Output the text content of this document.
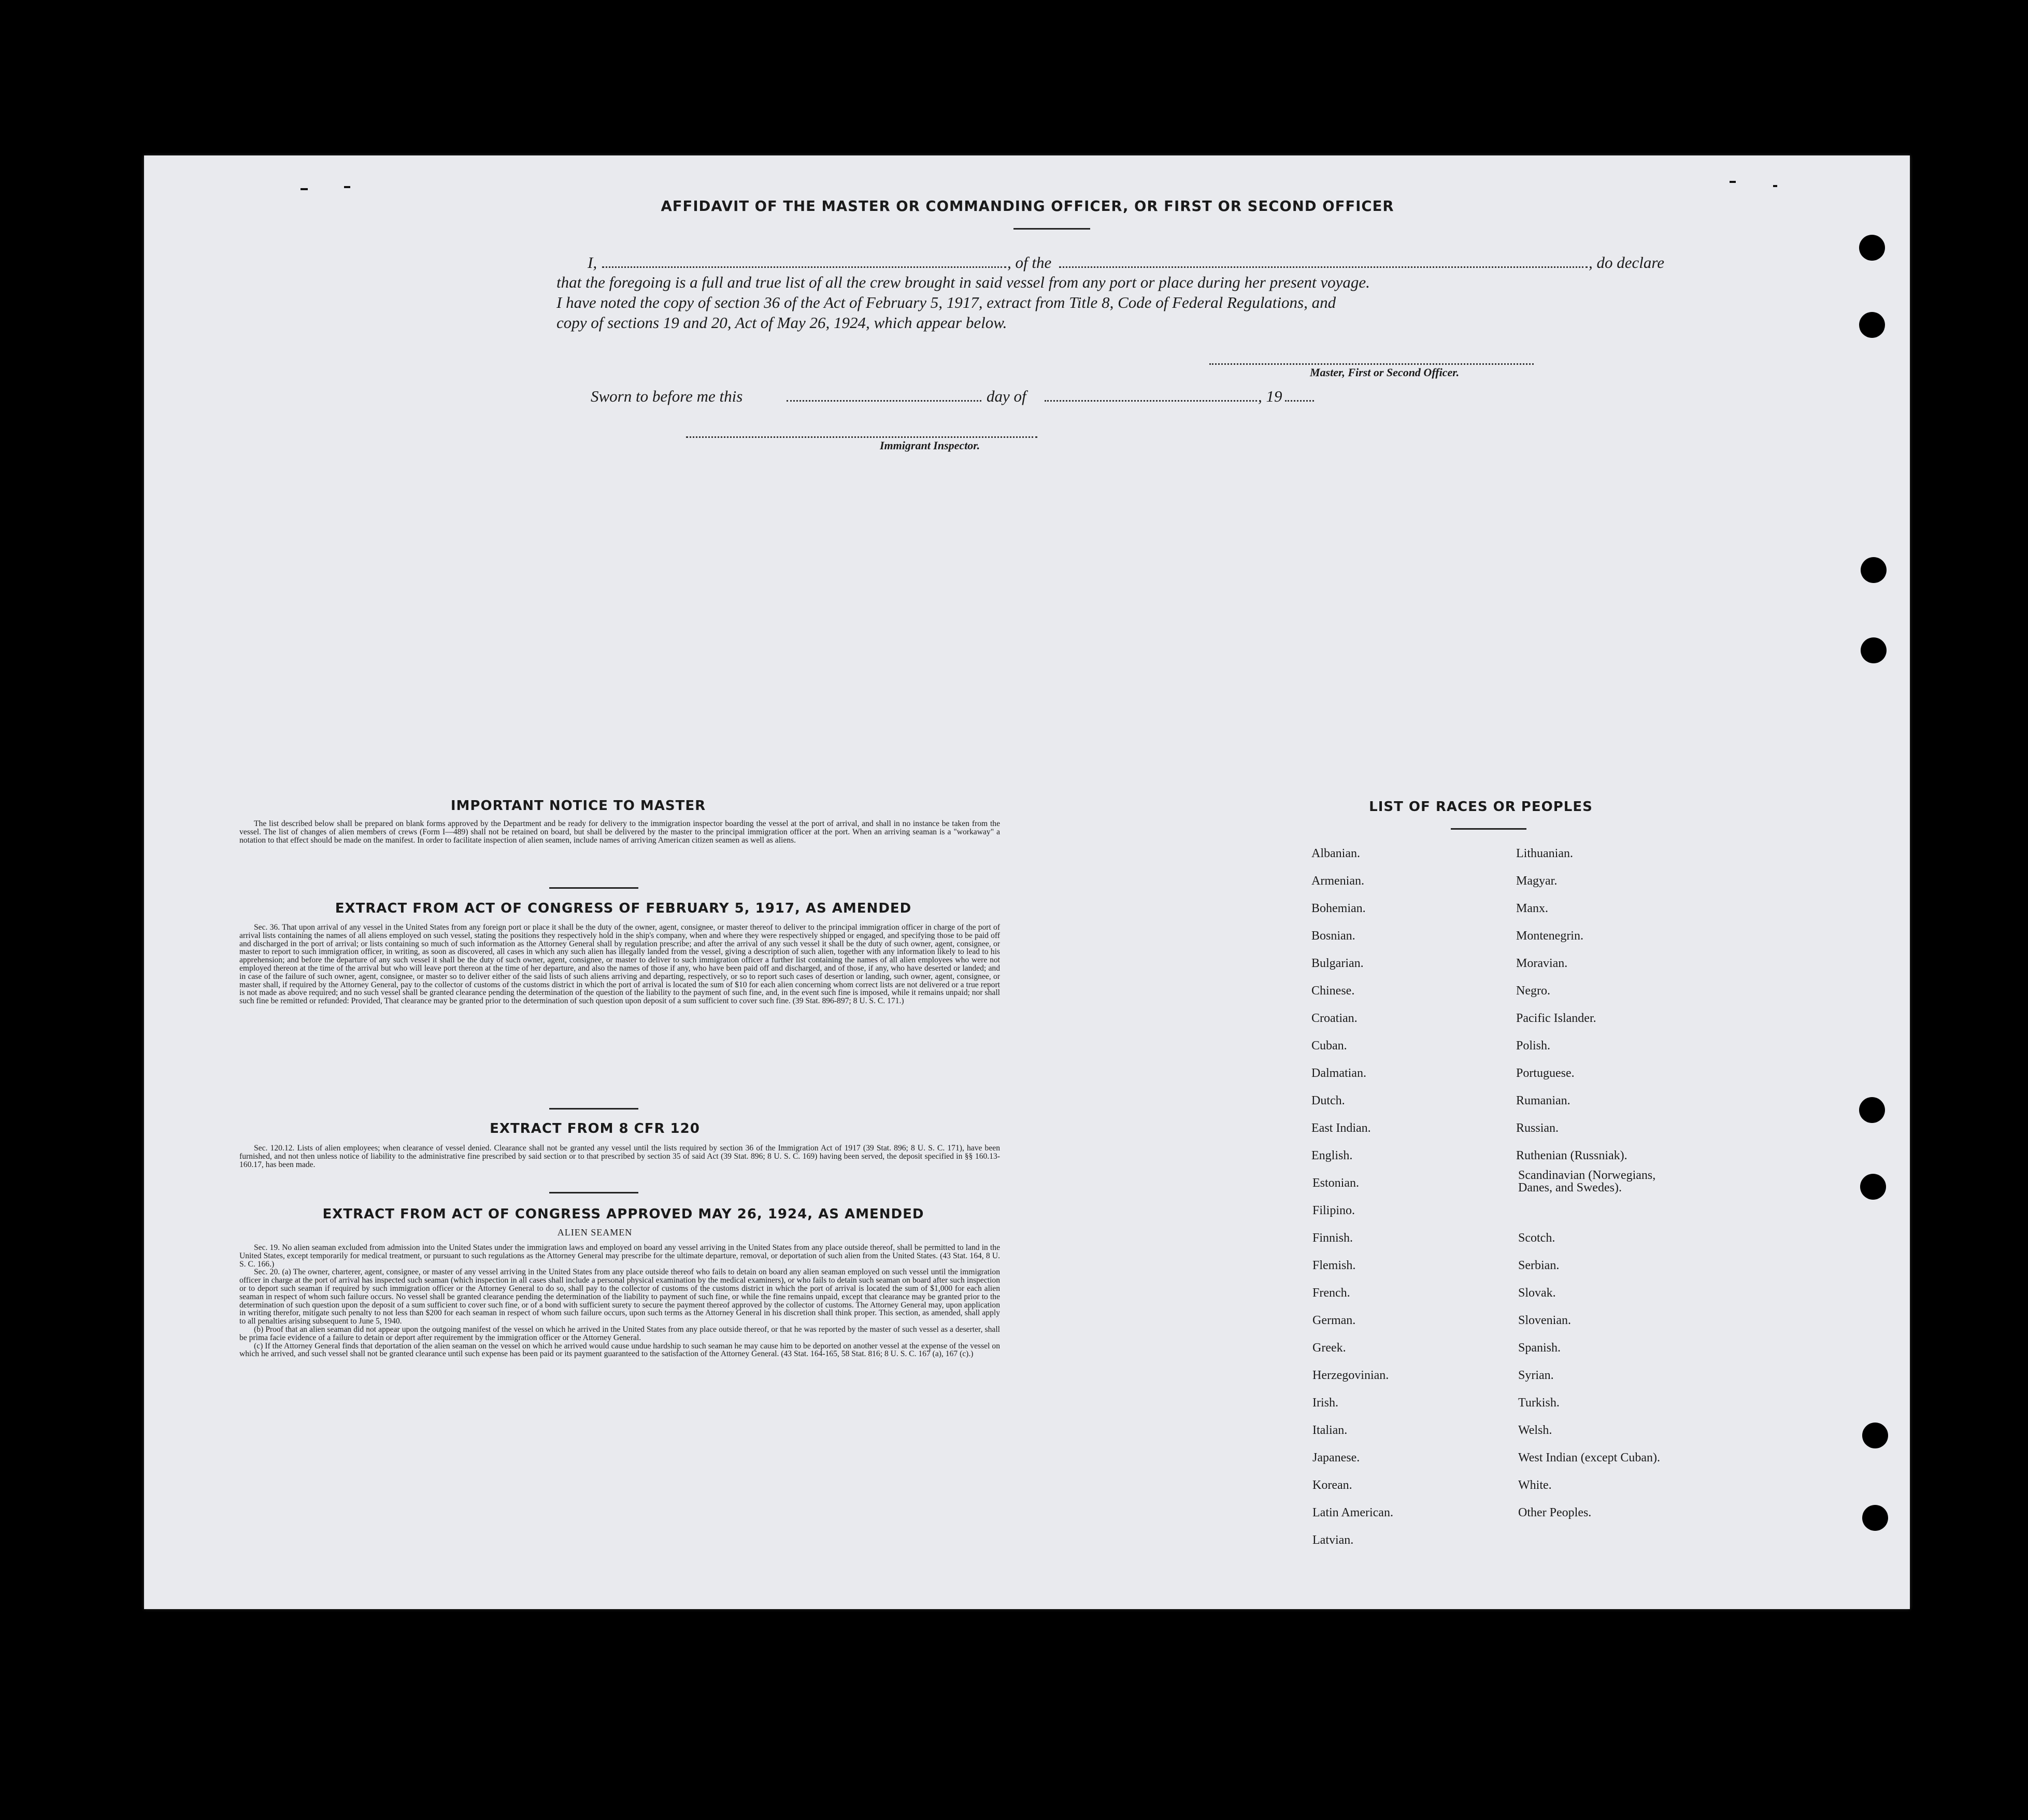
AFFIDAVIT OF THE MASTER OR COMMANDING OFFICER, OR FIRST OR SECOND OFFICER
I,	, of the	, do declare
that the foregoing is a full and true list of all the crew brought in said vessel from any port or place during her present voyage.
I have noted the copy of section 36 of the Act of February 5, 1917, extract from Title 8, Code of Federal Regulations, and
copy of sections 19 and 20, Act of May 26, 1924, which appear below.
Master, First or Second Officer.
Sworn to before me this	day of	, 19
Immigrant Inspector.
IMPORTANT NOTICE TO MASTER

The list described below shall be prepared on blank forms approved by the Department and be ready for delivery to the immigration inspector boarding the vessel at the port of arrival, and shall in no instance be taken from the vessel. The list of changes of alien members of crews (Form I—489) shall not be retained on board, but shall be delivered by the master to the principal immigration officer at the port. When an arriving seaman is a "workaway" a notation to that effect should be made on the manifest. In order to facilitate inspection of alien seamen, include names of arriving American citizen seamen as well as aliens.

EXTRACT FROM ACT OF CONGRESS OF FEBRUARY 5, 1917, AS AMENDED

Sec. 36. That upon arrival of any vessel in the United States from any foreign port or place it shall be the duty of the owner, agent, consignee, or master thereof to deliver to the principal immigration officer in charge of the port of arrival lists containing the names of all aliens employed on such vessel, stating the positions they respectively hold in the ship's company, when and where they were respectively shipped or engaged, and specifying those to be paid off and discharged in the port of arrival; or lists containing so much of such information as the Attorney General shall by regulation prescribe; and after the arrival of any such vessel it shall be the duty of such owner, agent, consignee, or master to report to such immigration officer, in writing, as soon as discovered, all cases in which any such alien has illegally landed from the vessel, giving a description of such alien, together with any information likely to lead to his apprehension; and before the departure of any such vessel it shall be the duty of such owner, agent, consignee, or master to deliver to such immigration officer a further list containing the names of all alien employees who were not employed thereon at the time of the arrival but who will leave port thereon at the time of her departure, and also the names of those if any, who have been paid off and discharged, and of those, if any, who have deserted or landed; and in case of the failure of such owner, agent, consignee, or master so to deliver either of the said lists of such aliens arriving and departing, respectively, or so to report such cases of desertion or landing, such owner, agent, consignee, or master shall, if required by the Attorney General, pay to the collector of customs of the customs district in which the port of arrival is located the sum of $10 for each alien concerning whom correct lists are not delivered or a true report is not made as above required; and no such vessel shall be granted clearance pending the determination of the question of the liability to the payment of such fine, and, in the event such fine is imposed, while it remains unpaid; nor shall such fine be remitted or refunded: Provided, That clearance may be granted prior to the determination of such question upon deposit of a sum sufficient to cover such fine. (39 Stat. 896-897; 8 U. S. C. 171.)

EXTRACT FROM 8 CFR 120

Sec. 120.12. Lists of alien employees; when clearance of vessel denied. Clearance shall not be granted any vessel until the lists required by section 36 of the Immigration Act of 1917 (39 Stat. 896; 8 U. S. C. 171), have been furnished, and not then unless notice of liability to the administrative fine prescribed by said section or to that prescribed by section 35 of said Act (39 Stat. 896; 8 U. S. C. 169) having been served, the deposit specified in §§ 160.13-160.17, has been made.

EXTRACT FROM ACT OF CONGRESS APPROVED MAY 26, 1924, AS AMENDED
ALIEN SEAMEN

Sec. 19. No alien seaman excluded from admission into the United States under the immigration laws and employed on board any vessel arriving in the United States from any place outside thereof, shall be permitted to land in the United States, except temporarily for medical treatment, or pursuant to such regulations as the Attorney General may prescribe for the ultimate departure, removal, or deportation of such alien from the United States. (43 Stat. 164, 8 U. S. C. 166.)

Sec. 20. (a) The owner, charterer, agent, consignee, or master of any vessel arriving in the United States from any place outside thereof who fails to detain on board any alien seaman employed on such vessel until the immigration officer in charge at the port of arrival has inspected such seaman (which inspection in all cases shall include a personal physical examination by the medical examiners), or who fails to detain such seaman on board after such inspection or to deport such seaman if required by such immigration officer or the Attorney General to do so, shall pay to the collector of customs of the customs district in which the port of arrival is located the sum of $1,000 for each alien seaman in respect of whom such failure occurs. No vessel shall be granted clearance pending the determination of the liability to payment of such fine, or while the fine remains unpaid, except that clearance may be granted prior to the determination of such question upon the deposit of a sum sufficient to cover such fine, or of a bond with sufficient surety to secure the payment thereof approved by the collector of customs. The Attorney General may, upon application in writing therefor, mitigate such penalty to not less than $200 for each seaman in respect of whom such failure occurs, upon such terms as the Attorney General in his discretion shall think proper. This section, as amended, shall apply to all penalties arising subsequent to June 5, 1940.

(b) Proof that an alien seaman did not appear upon the outgoing manifest of the vessel on which he arrived in the United States from any place outside thereof, or that he was reported by the master of such vessel as a deserter, shall be prima facie evidence of a failure to detain or deport after requirement by the immigration officer or the Attorney General.

(c) If the Attorney General finds that deportation of the alien seaman on the vessel on which he arrived would cause undue hardship to such seaman he may cause him to be deported on another vessel at the expense of the vessel on which he arrived, and such vessel shall not be granted clearance until such expense has been paid or its payment guaranteed to the satisfaction of the Attorney General. (43 Stat. 164-165, 58 Stat. 816; 8 U. S. C. 167 (a), 167 (c).)

LIST OF RACES OR PEOPLES
Albanian.
Armenian.
Bohemian.
Bosnian.
Bulgarian.
Chinese.
Croatian.
Cuban.
Dalmatian.
Dutch.
East Indian.
English.
Estonian.
Filipino.
Finnish.
Flemish.
French.
German.
Greek.
Herzegovinian.
Irish.
Italian.
Japanese.
Korean.
Latin American.
Latvian.
Lithuanian.
Magyar.
Manx.
Montenegrin.
Moravian.
Negro.
Pacific Islander.
Polish.
Portuguese.
Rumanian.
Russian.
Ruthenian (Russniak).
Scandinavian (Norwegians, Danes, and Swedes).
Scotch.
Serbian.
Slovak.
Slovenian.
Spanish.
Syrian.
Turkish.
Welsh.
West Indian (except Cuban).
White.
Other Peoples.
